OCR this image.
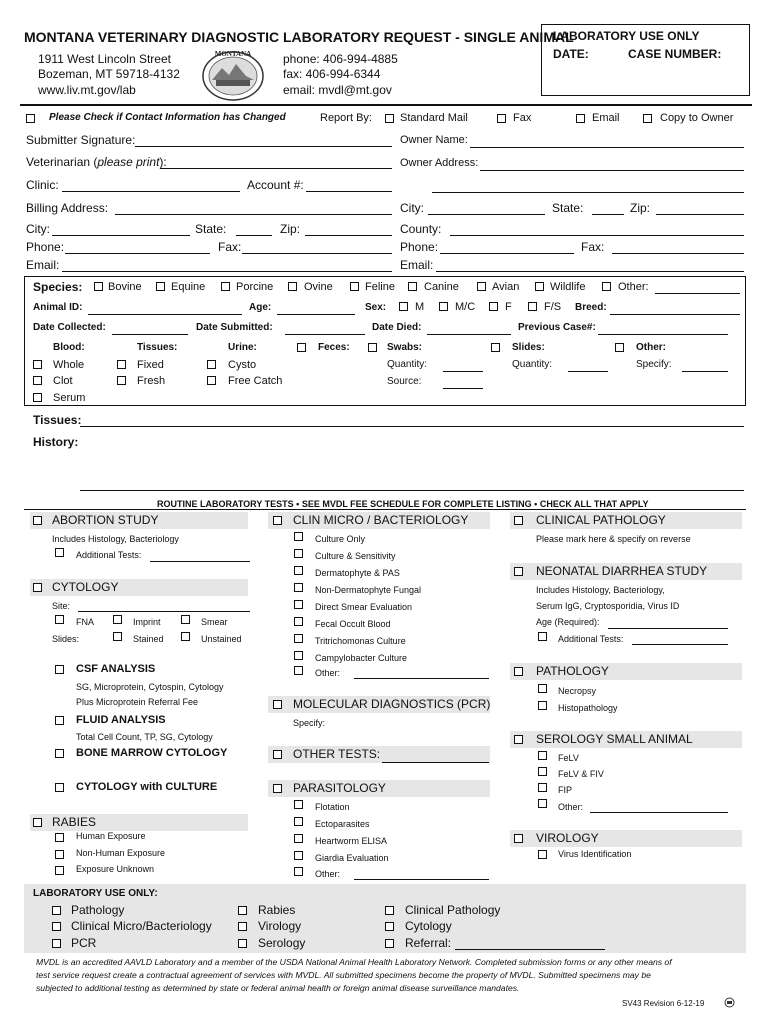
MONTANA VETERINARY DIAGNOSTIC LABORATORY REQUEST - SINGLE ANIMAL
1911 West Lincoln Street
Bozeman, MT 59718-4132
www.liv.mt.gov/lab
MONTANA	phone: 406-994-4885
fax: 406-994-6344
email: mvdl@mt.gov
LABORATORY USE ONLY
DATE:	CASE NUMBER:
Please Check if Contact Information has Changed	Report By:	Standard Mail	Fax	Email	Copy to Owner
Submitter Signature:
Veterinarian (please print):
Clinic:	Account #:
Billing Address:
City:	State:	Zip:
Phone:	Fax:
Email:
Owner Name:
Owner Address:
City:	State:	Zip:
County:
Phone:	Fax:
Email:
Species: Bovine	Equine	Porcine	Ovine	Feline	Canine	Avian	Wildlife	Other:
Animal ID:	Age:	Sex:	M	M/C	F	F/S Breed:
Date Collected:	Date Submitted:	Date Died:	Previous Case#:
Blood:
Whole
Clot
Serum
Tissues:
Fixed
Fresh
Urine:
Cysto
Free Catch
Feces:	Swabs:
Quantity:
Source:
Slides:
Quantity:
Other:
Specify:
Tissues:
History:
ROUTINE LABORATORY TESTS • SEE MVDL FEE SCHEDULE FOR COMPLETE LISTING • CHECK ALL THAT APPLY
ABORTION STUDY
Includes Histology, Bacteriology
Additional Tests:
CYTOLOGY
Site:
FNA	Imprint	Smear
Slides:	Stained	Unstained
CSF ANALYSIS
SG, Microprotein, Cytospin, Cytology
Plus Microprotein Referral Fee
FLUID ANALYSIS
Total Cell Count, TP, SG, Cytology
BONE MARROW CYTOLOGY
CYTOLOGY with CULTURE
RABIES
Human Exposure
Non-Human Exposure
Exposure Unknown
CLIN MICRO / BACTERIOLOGY
Culture Only
Culture & Sensitivity
Dermatophyte & PAS
Non-Dermatophyte Fungal
Direct Smear Evaluation
Fecal Occult Blood
Tritrichomonas Culture
Campylobacter Culture
Other:
MOLECULAR DIAGNOSTICS (PCR)
Specify:
OTHER TESTS:
PARASITOLOGY
Flotation
Ectoparasites
Heartworm ELISA
Giardia Evaluation
Other:
CLINICAL PATHOLOGY
Please mark here & specify on reverse
NEONATAL DIARRHEA STUDY
Includes Histology, Bacteriology,
Serum IgG, Cryptosporidia, Virus ID
Age (Required):
Additional Tests:
PATHOLOGY
Necropsy
Histopathology
SEROLOGY SMALL ANIMAL
FeLV
FeLV & FIV
FIP
Other:
VIROLOGY
Virus Identification
LABORATORY USE ONLY:
Pathology
Clinical Micro/Bacteriology
PCR
Rabies
Virology
Serology
Clinical Pathology
Cytology
Referral:
MVDL is an accredited AAVLD Laboratory and a member of the USDA National Animal Health Laboratory Network. Completed submission forms or any other means of
test service request create a contractual agreement of services with MVDL. All submitted specimens become the property of MVDL. Submitted specimens may be
subjected to additional testing as determined by state or federal animal health or foreign animal disease surveillance mandates.
SV43 Revision 6-12-19
